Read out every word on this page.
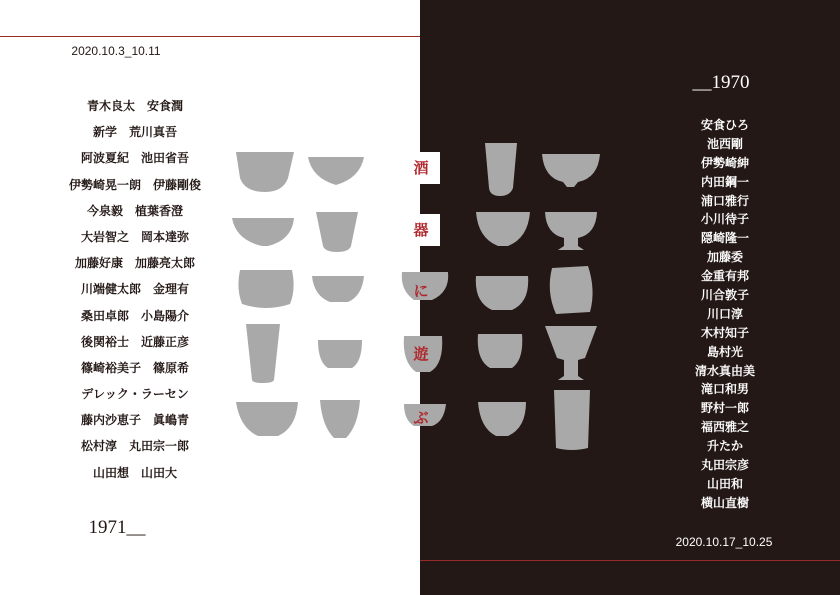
2020.10.3_10.11
__1970
青木良太　安食潤
新学　荒川真吾
阿波夏紀　池田省吾
伊勢崎晃一朗　伊藤剛俊
今泉毅　植葉香澄
大岩智之　岡本達弥
加藤好康　加藤亮太郎
川端健太郎　金理有
桑田卓郎　小島陽介
後関裕士　近藤正彦
篠崎裕美子　篠原希
デレック・ラーセン
藤内沙恵子　眞嶋青
松村淳　丸田宗一郎
山田想　山田大
安食ひろ
池西剛
伊勢崎紳
内田鋼一
浦口雅行
小川待子
隠崎隆一
加藤委
金重有邦
川合敦子
川口淳
木村知子
島村光
清水真由美
滝口和男
野村一郎
福西雅之
升たか
丸田宗彦
山田和
横山直樹
酒
器
に
遊
ぶ
1971__
2020.10.17_10.25
